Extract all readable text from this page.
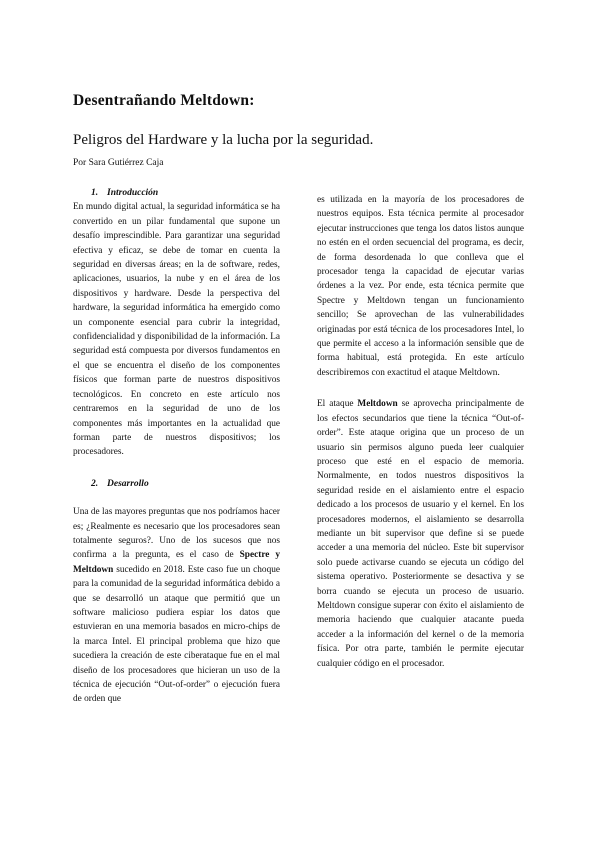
Desentrañando Meltdown:
Peligros del Hardware y la lucha por la seguridad.

Por Sara Gutiérrez Caja

1. Introducción

En mundo digital actual, la seguridad informática se ha convertido en un pilar fundamental que supone un desafío imprescindible. Para garantizar una seguridad efectiva y eficaz, se debe de tomar en cuenta la seguridad en diversas áreas; en la de software, redes, aplicaciones, usuarios, la nube y en el área de los dispositivos y hardware. Desde la perspectiva del hardware, la seguridad informática ha emergido como un componente esencial para cubrir la integridad, confidencialidad y disponibilidad de la información. La seguridad está compuesta por diversos fundamentos en el que se encuentra el diseño de los componentes físicos que forman parte de nuestros dispositivos tecnológicos. En concreto en este artículo nos centraremos en la seguridad de uno de los componentes más importantes en la actualidad que forman parte de nuestros dispositivos; los procesadores.

2. Desarrollo

Una de las mayores preguntas que nos podríamos hacer es; ¿Realmente es necesario que los procesadores sean totalmente seguros?. Uno de los sucesos que nos confirma a la pregunta, es el caso de Spectre y Meltdown sucedido en 2018. Este caso fue un choque para la comunidad de la seguridad informática debido a que se desarrolló un ataque que permitió que un software malicioso pudiera espiar los datos que estuvieran en una memoria basados en micro-chips de la marca Intel. El principal problema que hizo que sucediera la creación de este ciberataque fue en el mal diseño de los procesadores que hicieran un uso de la técnica de ejecución “Out-of-order” o ejecución fuera de orden que

es utilizada en la mayoría de los procesadores de nuestros equipos. Esta técnica permite al procesador ejecutar instrucciones que tenga los datos listos aunque no estén en el orden secuencial del programa, es decir, de forma desordenada lo que conlleva que el procesador tenga la capacidad de ejecutar varias órdenes a la vez. Por ende, esta técnica permite que Spectre y Meltdown tengan un funcionamiento sencillo; Se aprovechan de las vulnerabilidades originadas por está técnica de los procesadores Intel, lo que permite el acceso a la información sensible que de forma habitual, está protegida. En este artículo describiremos con exactitud el ataque Meltdown.

El ataque Meltdown se aprovecha principalmente de los efectos secundarios que tiene la técnica “Out-of-order”. Este ataque origina que un proceso de un usuario sin permisos alguno pueda leer cualquier proceso que esté en el espacio de memoria. Normalmente, en todos nuestros dispositivos la seguridad reside en el aislamiento entre el espacio dedicado a los procesos de usuario y el kernel. En los procesadores modernos, el aislamiento se desarrolla mediante un bit supervisor que define si se puede acceder a una memoria del núcleo. Este bit supervisor solo puede activarse cuando se ejecuta un código del sistema operativo. Posteriormente se desactiva y se borra cuando se ejecuta un proceso de usuario. Meltdown consigue superar con éxito el aislamiento de memoria haciendo que cualquier atacante pueda acceder a la información del kernel o de la memoria física. Por otra parte, también le permite ejecutar cualquier código en el procesador.
